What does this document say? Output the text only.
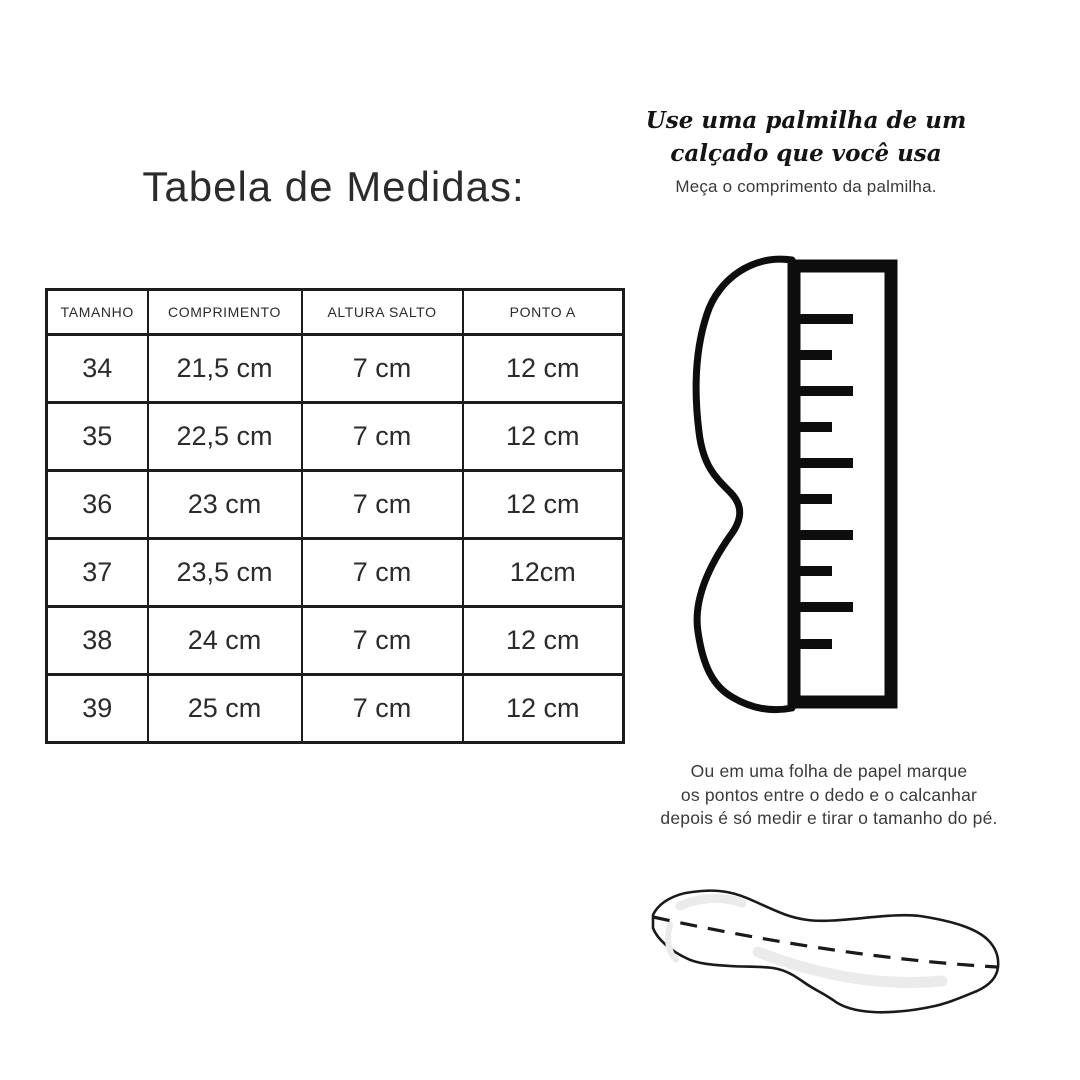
Tabela de Medidas:
TAMANHO	COMPRIMENTO	ALTURA SALTO	PONTO A
34	21,5 cm	7 cm	12 cm
35	22,5 cm	7 cm	12 cm
36	23 cm	7 cm	12 cm
37	23,5 cm	7 cm	12cm
38	24 cm	7 cm	12 cm
39	25 cm	7 cm	12 cm
Use uma palmilha de um
calçado que você usa
Meça o comprimento da palmilha.
Ou em uma folha de papel marque
os pontos entre o dedo e o calcanhar
depois é só medir e tirar o tamanho do pé.
